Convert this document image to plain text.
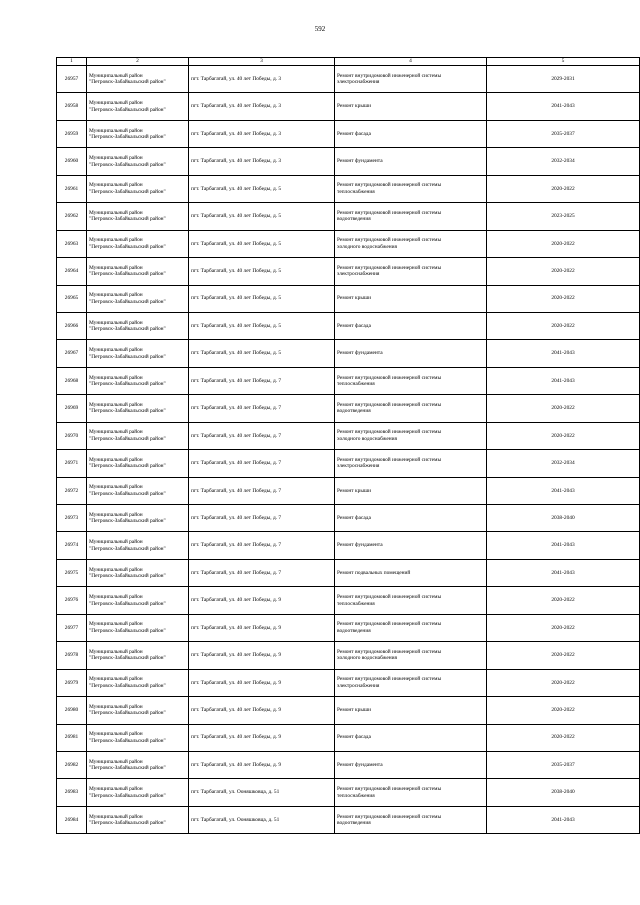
592
1	2	3	4	5
26957	Муниципальный район
"Петровск-Забайкальский район"	пгт. Тарбагатай, ул. 40 лет Победы, д. 3	Ремонт внутридомовой инженерной системы
электроснабжения	2029-2031
26958	Муниципальный район
"Петровск-Забайкальский район"	пгт. Тарбагатай, ул. 40 лет Победы, д. 3	Ремонт крыши	2041-2043
26959	Муниципальный район
"Петровск-Забайкальский район"	пгт. Тарбагатай, ул. 40 лет Победы, д. 3	Ремонт фасада	2035-2037
26960	Муниципальный район
"Петровск-Забайкальский район"	пгт. Тарбагатай, ул. 40 лет Победы, д. 3	Ремонт фундамента	2032-2034
26961	Муниципальный район
"Петровск-Забайкальский район"	пгт. Тарбагатай, ул. 40 лет Победы, д. 5	Ремонт внутридомовой инженерной системы
теплоснабжения	2020-2022
26962	Муниципальный район
"Петровск-Забайкальский район"	пгт. Тарбагатай, ул. 40 лет Победы, д. 5	Ремонт внутридомовой инженерной системы
водоотведения	2023-2025
26963	Муниципальный район
"Петровск-Забайкальский район"	пгт. Тарбагатай, ул. 40 лет Победы, д. 5	Ремонт внутридомовой инженерной системы
холодного водоснабжения	2020-2022
26964	Муниципальный район
"Петровск-Забайкальский район"	пгт. Тарбагатай, ул. 40 лет Победы, д. 5	Ремонт внутридомовой инженерной системы
электроснабжения	2020-2022
26965	Муниципальный район
"Петровск-Забайкальский район"	пгт. Тарбагатай, ул. 40 лет Победы, д. 5	Ремонт крыши	2020-2022
26966	Муниципальный район
"Петровск-Забайкальский район"	пгт. Тарбагатай, ул. 40 лет Победы, д. 5	Ремонт фасада	2020-2022
26967	Муниципальный район
"Петровск-Забайкальский район"	пгт. Тарбагатай, ул. 40 лет Победы, д. 5	Ремонт фундамента	2041-2043
26968	Муниципальный район
"Петровск-Забайкальский район"	пгт. Тарбагатай, ул. 40 лет Победы, д. 7	Ремонт внутридомовой инженерной системы
теплоснабжения	2041-2043
26969	Муниципальный район
"Петровск-Забайкальский район"	пгт. Тарбагатай, ул. 40 лет Победы, д. 7	Ремонт внутридомовой инженерной системы
водоотведения	2020-2022
26970	Муниципальный район
"Петровск-Забайкальский район"	пгт. Тарбагатай, ул. 40 лет Победы, д. 7	Ремонт внутридомовой инженерной системы
холодного водоснабжения	2020-2022
26971	Муниципальный район
"Петровск-Забайкальский район"	пгт. Тарбагатай, ул. 40 лет Победы, д. 7	Ремонт внутридомовой инженерной системы
электроснабжения	2032-2034
26972	Муниципальный район
"Петровск-Забайкальский район"	пгт. Тарбагатай, ул. 40 лет Победы, д. 7	Ремонт крыши	2041-2043
26973	Муниципальный район
"Петровск-Забайкальский район"	пгт. Тарбагатай, ул. 40 лет Победы, д. 7	Ремонт фасада	2038-2040
26974	Муниципальный район
"Петровск-Забайкальский район"	пгт. Тарбагатай, ул. 40 лет Победы, д. 7	Ремонт фундамента	2041-2043
26975	Муниципальный район
"Петровск-Забайкальский район"	пгт. Тарбагатай, ул. 40 лет Победы, д. 7	Ремонт подвальных помещений	2041-2043
26976	Муниципальный район
"Петровск-Забайкальский район"	пгт. Тарбагатай, ул. 40 лет Победы, д. 9	Ремонт внутридомовой инженерной системы
теплоснабжения	2020-2022
26977	Муниципальный район
"Петровск-Забайкальский район"	пгт. Тарбагатай, ул. 40 лет Победы, д. 9	Ремонт внутридомовой инженерной системы
водоотведения	2020-2022
26978	Муниципальный район
"Петровск-Забайкальский район"	пгт. Тарбагатай, ул. 40 лет Победы, д. 9	Ремонт внутридомовой инженерной системы
холодного водоснабжения	2020-2022
26979	Муниципальный район
"Петровск-Забайкальский район"	пгт. Тарбагатай, ул. 40 лет Победы, д. 9	Ремонт внутридомовой инженерной системы
электроснабжения	2020-2022
26980	Муниципальный район
"Петровск-Забайкальский район"	пгт. Тарбагатай, ул. 40 лет Победы, д. 9	Ремонт крыши	2020-2022
26981	Муниципальный район
"Петровск-Забайкальский район"	пгт. Тарбагатай, ул. 40 лет Победы, д. 9	Ремонт фасада	2020-2022
26982	Муниципальный район
"Петровск-Забайкальский район"	пгт. Тарбагатай, ул. 40 лет Победы, д. 9	Ремонт фундамента	2035-2037
26983	Муниципальный район
"Петровск-Забайкальский район"	пгт. Тарбагатай, ул. Ооняшковца, д. 51	Ремонт внутридомовой инженерной системы
теплоснабжения	2038-2040
26984	Муниципальный район
"Петровск-Забайкальский район"	пгт. Тарбагатай, ул. Ооняшковца, д. 51	Ремонт внутридомовой инженерной системы
водоотведения	2041-2043
